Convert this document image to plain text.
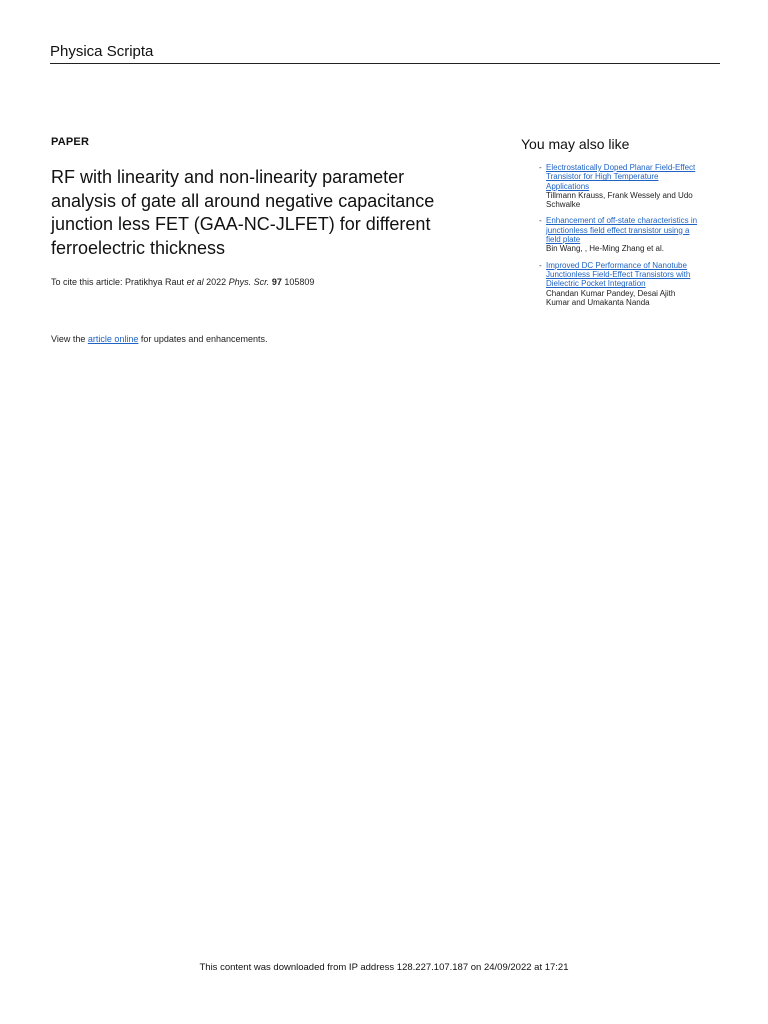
Physica Scripta
PAPER
RF with linearity and non-linearity parameter
analysis of gate all around negative capacitance
junction less FET (GAA-NC-JLFET) for different
ferroelectric thickness
To cite this article: Pratikhya Raut et al 2022 Phys. Scr. 97 105809
View the article online for updates and enhancements.
You may also like
- Electrostatically Doped Planar Field-Effect
Transistor for High Temperature
Applications
Tillmann Krauss, Frank Wessely and Udo
Schwalke
- Enhancement of off-state characteristics in
junctionless field effect transistor using a
field plate
Bin Wang, , He-Ming Zhang et al.
- Improved DC Performance of Nanotube
Junctionless Field-Effect Transistors with
Dielectric Pocket Integration
Chandan Kumar Pandey, Desai Ajith
Kumar and Umakanta Nanda
This content was downloaded from IP address 128.227.107.187 on 24/09/2022 at 17:21
